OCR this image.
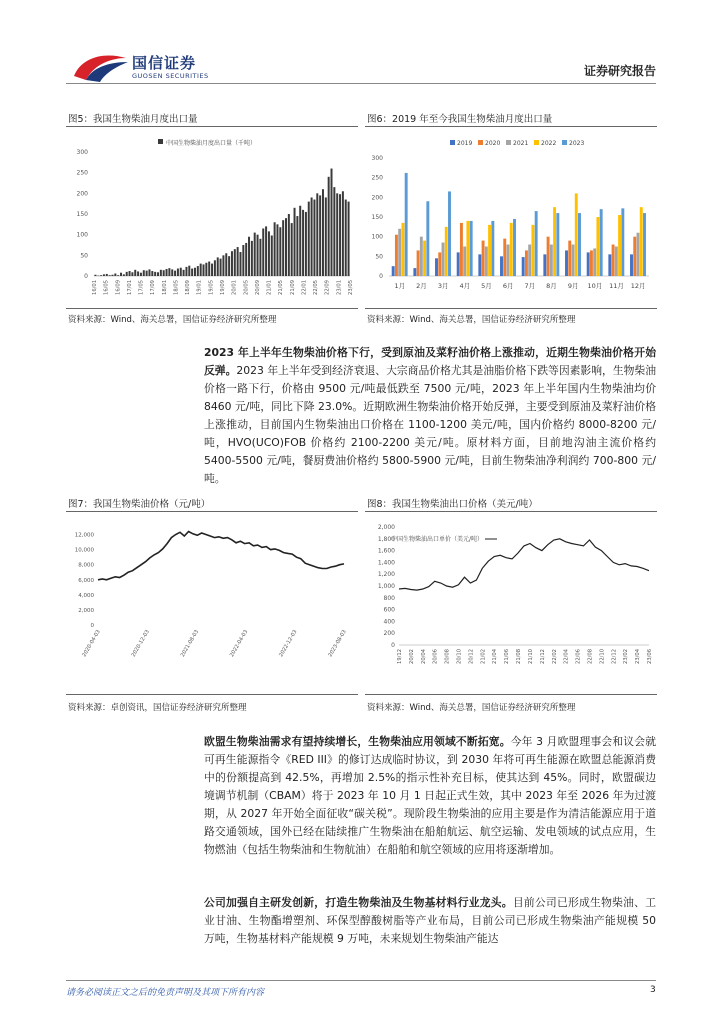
国信证券
GUOSEN SECURITIES	证券研究报告
图5：我国生物柴油月度出口量
中国生物柴油月度出口量（千吨）
0
50
100
150
200
250
300
16/01 16/05 16/09 17/01 17/05 17/09 18/01 18/05 18/09 19/01 19/05 19/09 20/01 20/05 20/09 21/01 21/05 21/09 22/01 22/05 22/09 23/01 23/05
资料来源：Wind、海关总署，国信证券经济研究所整理
图6：2019 年至今我国生物柴油月度出口量
2019 2020 2021 2022 2023
0
50
100
150
200
250
300
1月 2月 3月 4月 5月 6月 7月 8月 9月 10月 11月 12月
资料来源：Wind、海关总署，国信证券经济研究所整理
2023 年上半年生物柴油价格下行，受到原油及菜籽油价格上涨推动，近期生物柴油价格开始反弹。2023 年上半年受到经济衰退、大宗商品价格尤其是油脂价格下跌等因素影响，生物柴油价格一路下行，价格由 9500 元/吨最低跌至 7500 元/吨，2023 年上半年国内生物柴油均价 8460 元/吨，同比下降 23.0%。近期欧洲生物柴油价格开始反弹，主要受到原油及菜籽油价格上涨推动，目前国内生物柴油出口价格在 1100-1200 美元/吨，国内价格约 8000-8200 元/吨，HVO(UCO)FOB 价格约 2100-2200 美元/吨。原材料方面，目前地沟油主流价格约 5400-5500 元/吨，餐厨费油价格约 5800-5900 元/吨，目前生物柴油净利润约 700-800 元/吨。
图7：我国生物柴油价格（元/吨）
0
2,000
4,000
6,000
8,000
10,000
12,000
2020-04-03	2020-12-03	2021-08-03	2022-04-03	2022-12-03	2023-08-03
资料来源：卓创资讯，国信证券经济研究所整理
图8：我国生物柴油出口价格（美元/吨）
0
200
400
600
800
1,000
1,200
1,400
1,600
1,800
2,000
中国生物柴油出口单价（美元/吨）
19/12 20/02 20/04 20/06 20/08 20/10 20/12 21/02 21/04 21/06 21/08 21/10 21/12 22/02 22/04 22/06 22/08 22/10 22/12 23/02 23/04 23/06
资料来源：Wind、海关总署，国信证券经济研究所整理
欧盟生物柴油需求有望持续增长，生物柴油应用领域不断拓宽。今年 3 月欧盟理事会和议会就可再生能源指令《RED III》的修订达成临时协议，到 2030 年将可再生能源在欧盟总能源消费中的份额提高到 42.5%，再增加 2.5%的指示性补充目标，使其达到 45%。同时，欧盟碳边境调节机制（CBAM）将于 2023 年 10 月 1 日起正式生效，其中 2023 年至 2026 年为过渡期，从 2027 年开始全面征收“碳关税”。现阶段生物柴油的应用主要是作为清洁能源应用于道路交通领域，国外已经在陆续推广生物柴油在船舶航运、航空运输、发电领域的试点应用，生物燃油（包括生物柴油和生物航油）在船舶和航空领域的应用将逐渐增加。
公司加强自主研发创新，打造生物柴油及生物基材料行业龙头。目前公司已形成生物柴油、工业甘油、生物酯增塑剂、环保型醇酸树脂等产业布局，目前公司已形成生物柴油产能规模 50 万吨，生物基材料产能规模 9 万吨，未来规划生物柴油产能达
请务必阅读正文之后的免责声明及其项下所有内容	3
